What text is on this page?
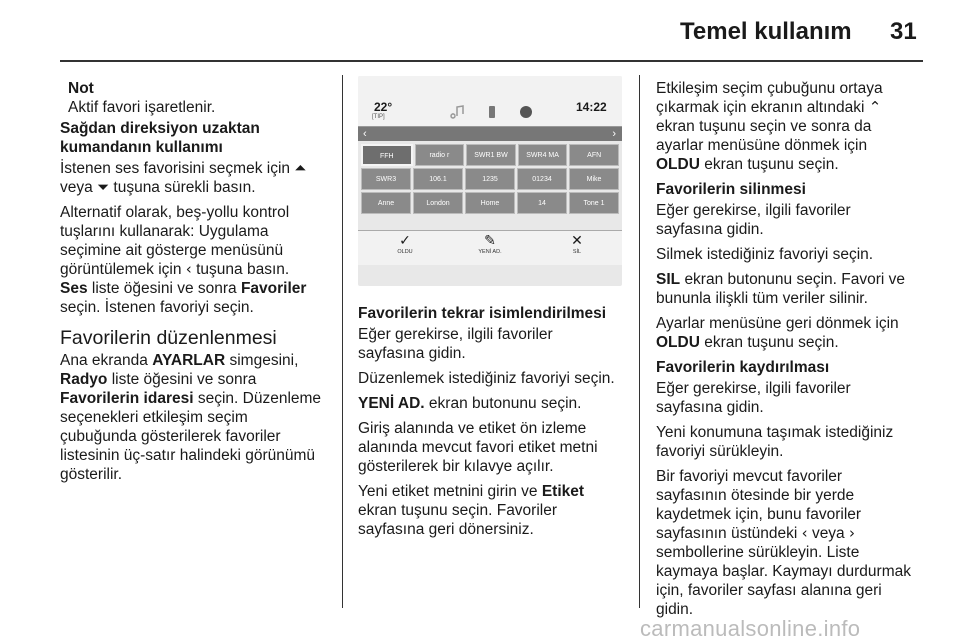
Temel kullanım 31
Not
Aktif favori işaretlenir.
Sağdan direksiyon uzaktan
kumandanın kullanımı

İstenen ses favorisini seçmek için ⏶
veya ⏷ tuşuna sürekli basın.

Alternatif olarak, beş-yollu kontrol
tuşlarını kullanarak: Uygulama
seçimine ait gösterge menüsünü
görüntülemek için ‹ tuşuna basın.
Ses liste öğesini ve sonra Favoriler
seçin. İstenen favoriyi seçin.

Favorilerin düzenlenmesi

Ana ekranda AYARLAR simgesini,
Radyo liste öğesini ve sonra
Favorilerin idaresi seçin. Düzenleme
seçenekleri etkileşim seçim
çubuğunda gösterilerek favoriler
listesinin üç-satır halindeki görünümü
gösterilir.

22°
[TIP]
14:22
‹	›
FFH	radio r	SWR1 BW	SWR4 MA	AFN
SWR3	106.1	1235	01234	Mike
Anne	London	Home	14	Tone 1
✓
OLDU
✎
YENİ AD.
✕
SİL
Favorilerin tekrar isimlendirilmesi

Eğer gerekirse, ilgili favoriler
sayfasına gidin.

Düzenlemek istediğiniz favoriyi seçin.

YENİ AD. ekran butonunu seçin.

Giriş alanında ve etiket ön izleme
alanında mevcut favori etiket metni
gösterilerek bir kılavye açılır.

Yeni etiket metnini girin ve Etiket
ekran tuşunu seçin. Favoriler
sayfasına geri dönersiniz.

Etkileşim seçim çubuğunu ortaya
çıkarmak için ekranın altındaki ⌃
ekran tuşunu seçin ve sonra da
ayarlar menüsüne dönmek için
OLDU ekran tuşunu seçin.

Favorilerin silinmesi

Eğer gerekirse, ilgili favoriler
sayfasına gidin.

Silmek istediğiniz favoriyi seçin.

SIL ekran butonunu seçin. Favori ve
bununla ilişkli tüm veriler silinir.

Ayarlar menüsüne geri dönmek için
OLDU ekran tuşunu seçin.

Favorilerin kaydırılması

Eğer gerekirse, ilgili favoriler
sayfasına gidin.

Yeni konumuna taşımak istediğiniz
favoriyi sürükleyin.

Bir favoriyi mevcut favoriler
sayfasının ötesinde bir yerde
kaydetmek için, bunu favoriler
sayfasının üstündeki ‹ veya ›
sembollerine sürükleyin. Liste
kaymaya başlar. Kaymayı durdurmak
için, favoriler sayfası alanına geri
gidin.

carmanualsonline.info
